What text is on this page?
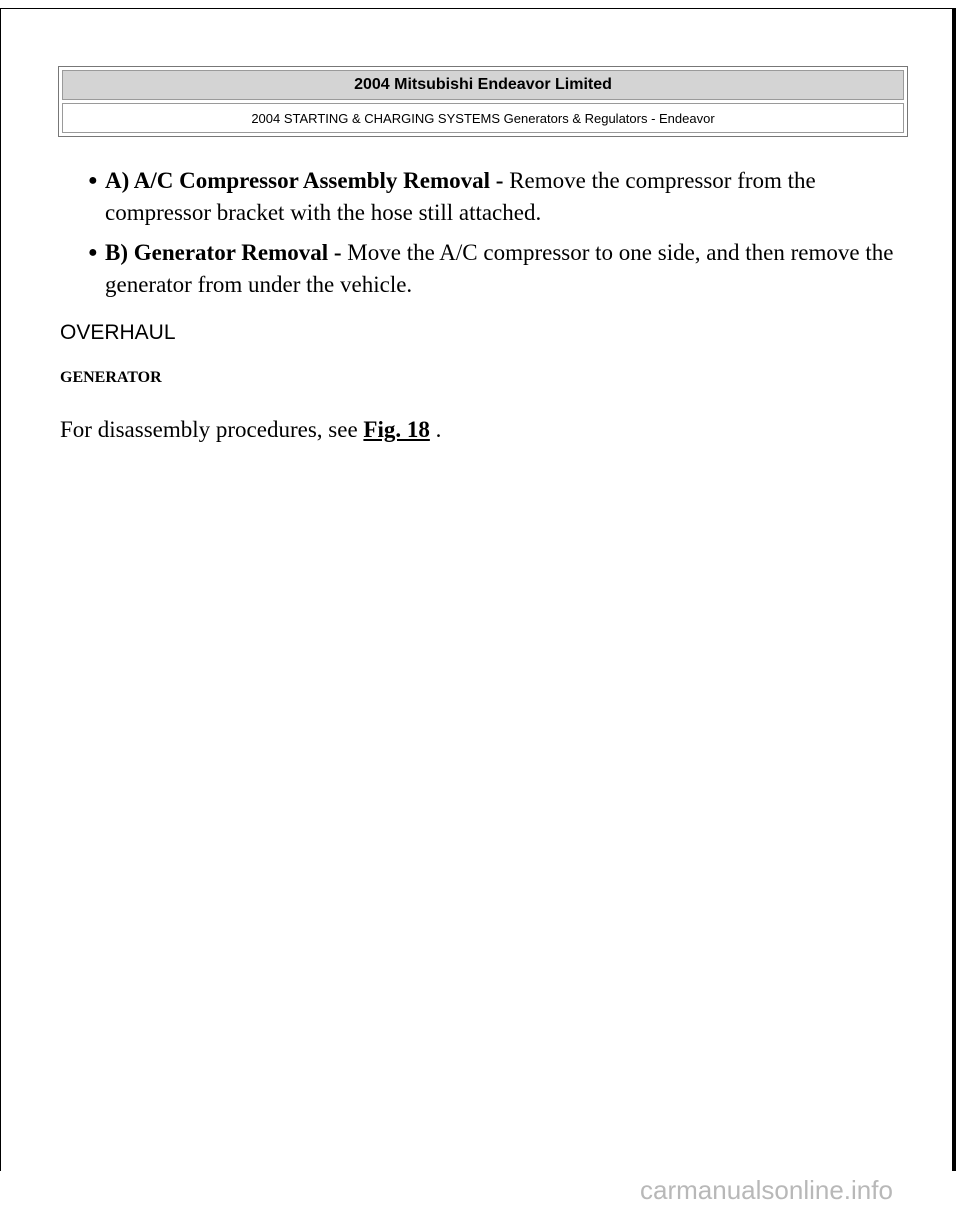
2004 Mitsubishi Endeavor Limited
2004 STARTING & CHARGING SYSTEMS Generators & Regulators - Endeavor
● A) A/C Compressor Assembly Removal - Remove the compressor from the compressor bracket with the hose still attached.
● B) Generator Removal - Move the A/C compressor to one side, and then remove the generator from under the vehicle.
OVERHAUL
GENERATOR

For disassembly procedures, see Fig. 18 .

carmanualsonline.info
